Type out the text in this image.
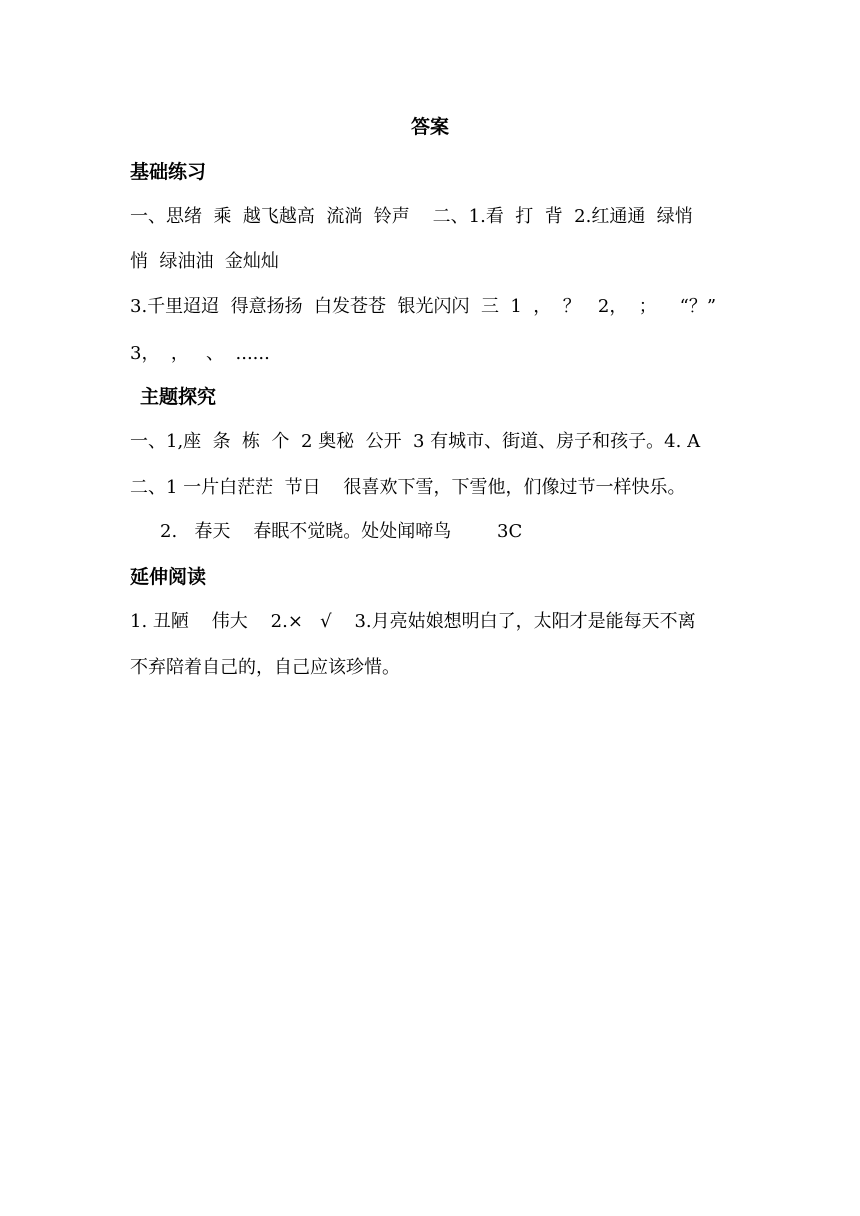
答案
基础练习
一、思绪  乘  越飞越高  流淌  铃声    二、1.看  打  背  2.红通通  绿悄
悄  绿油油  金灿灿
3.千里迢迢  得意扬扬  白发苍苍  银光闪闪  三  1  ，  ？   2，  ；    “？”
3，  ，   、  ......
主题探究
一、1,座  条  栋  个  2 奥秘  公开  3 有城市、街道、房子和孩子。4. A
二、1 一片白茫茫  节日    很喜欢下雪，下雪他，们像过节一样快乐。
2.   春天    春眠不觉晓。处处闻啼鸟        3C
延伸阅读
1. 丑陋    伟大    2.×   √    3.月亮姑娘想明白了，太阳才是能每天不离
不弃陪着自己的，自己应该珍惜。
